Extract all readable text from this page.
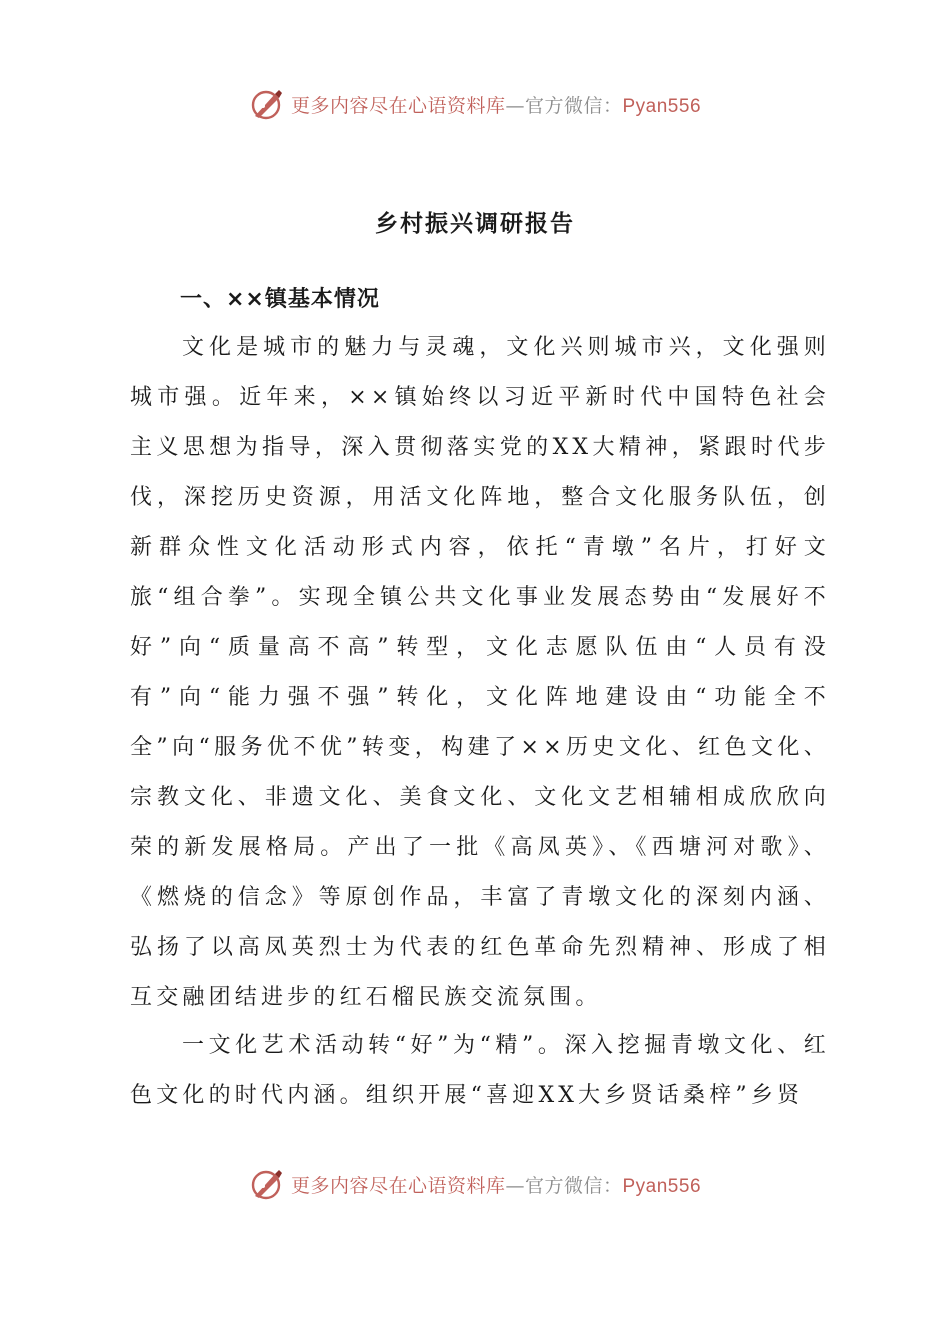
更多内容尽在心语资料库—官方微信：Pyan556
乡村振兴调研报告
一、××镇基本情况

文化是城市的魅力与灵魂，文化兴则城市兴，文化强则城市强。近年来，××镇始终以习近平新时代中国特色社会主义思想为指导，深入贯彻落实党的XX大精神，紧跟时代步伐，深挖历史资源，用活文化阵地，整合文化服务队伍，创新群众性文化活动形式内容，依托“青墩”名片，打好文旅“组合拳”。实现全镇公共文化事业发展态势由“发展好不好”向“质量高不高”转型，文化志愿队伍由“人员有没有”向“能力强不强”转化，文化阵地建设由“功能全不全”向“服务优不优”转变，构建了××历史文化、红色文化、宗教文化、非遗文化、美食文化、文化文艺相辅相成欣欣向荣的新发展格局。产出了一批《高凤英》、《西塘河对歌》、《燃烧的信念》等原创作品，丰富了青墩文化的深刻内涵、弘扬了以高凤英烈士为代表的红色革命先烈精神、形成了相互交融团结进步的红石榴民族交流氛围。

一文化艺术活动转“好”为“精”。深入挖掘青墩文化、红色文化的时代内涵。组织开展“喜迎XX大乡贤话桑梓”乡贤

更多内容尽在心语资料库—官方微信：Pyan556
